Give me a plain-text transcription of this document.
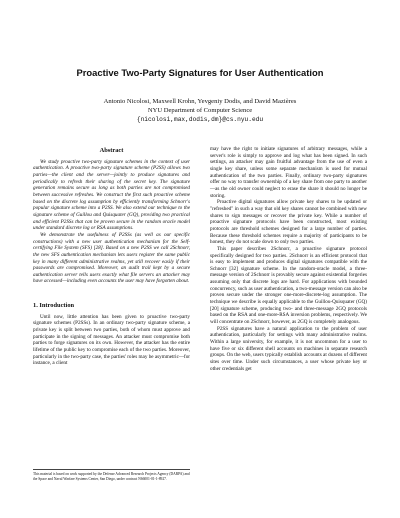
Proactive Two-Party Signatures for User Authentication
Antonio Nicolosi, Maxwell Krohn, Yevgeniy Dodis, and David Mazières
NYU Department of Computer Science
{nicolosi,max,dodis,dm}@cs.nyu.edu
Abstract

We study proactive two-party signature schemes in the context of user authentication. A proactive two-party signature scheme (P2SS) allows two parties—the client and the server—jointly to produce signatures and periodically to refresh their sharing of the secret key. The signature generation remains secure as long as both parties are not compromised between successive refreshes. We construct the first such proactive scheme based on the discrete log assumption by efficiently transforming Schnorr's popular signature scheme into a P2SS. We also extend our technique to the signature scheme of Guillou and Quisquater (GQ), providing two practical and efficient P2SSs that can be proven secure in the random oracle model under standard discrete log or RSA assumptions.

We demonstrate the usefulness of P2SSs (as well as our specific constructions) with a new user authentication mechanism for the Self-certifying File System (SFS) [28]. Based on a new P2SS we call 2Schnorr, the new SFS authentication mechanism lets users register the same public key in many different administrative realms, yet still recover easily if their passwords are compromised. Moreover, an audit trail kept by a secure authentication server tells users exactly what file servers an attacker may have accessed—including even accounts the user may have forgotten about.

1. Introduction

Until now, little attention has been given to proactive two-party signature schemes (P2SSs). In an ordinary two-party signature scheme, a private key is split between two parties, both of whom must approve and participate in the signing of messages. An attacker must compromise both parties to forge signatures on its own. However, the attacker has the entire lifetime of the public key to compromise each of the two parties. Moreover, particularly in the two-party case, the parties' roles may be asymmetric—for instance, a client

may have the right to initiate signatures of arbitrary messages, while a server's role is simply to approve and log what has been signed. In such settings, an attacker may gain fruitful advantage from the use of even a single key share, unless some separate mechanism is used for mutual authentication of the two parties. Finally, ordinary two-party signatures offer no way to transfer ownership of a key share from one party to another—as the old owner could neglect to erase the share it should no longer be storing.

Proactive digital signatures allow private key shares to be updated or "refreshed" in such a way that old key shares cannot be combined with new shares to sign messages or recover the private key. While a number of proactive signature protocols have been constructed, most existing protocols are threshold schemes designed for a large number of parties. Because these threshold schemes require a majority of participants to be honest, they do not scale down to only two parties.

This paper describes 2Schnorr, a proactive signature protocol specifically designed for two parties. 2Schnorr is an efficient protocol that is easy to implement and produces digital signatures compatible with the Schnorr [32] signature scheme. In the random-oracle model, a three-message version of 2Schnorr is provably secure against existential forgeries assuming only that discrete logs are hard. For applications with bounded concurrency, such as user authentication, a two-message version can also be proven secure under the stronger one-more-discrete-log assumption. The technique we describe is equally applicable to the Guillou-Quisquater (GQ) [20] signature scheme, producing two- and three-message 2GQ protocols based on the RSA and one-more-RSA inversion problems, respectively. We will concentrate on 2Schnorr, however, as 2GQ is completely analogous.

P2SS signatures have a natural application to the problem of user authentication, particularly for settings with many administrative realms. Within a large university, for example, it is not uncommon for a user to have five or six different shell accounts on machines in separate research groups. On the web, users typically establish accounts at dozens of different sites over time. Under such circumstances, a user whose private key or other credentials get

This material is based on work supported by the Defense Advanced Research Projects Agency (DARPA) and the Space and Naval Warfare Systems Center, San Diego, under contract N66001-01-1-8927.
